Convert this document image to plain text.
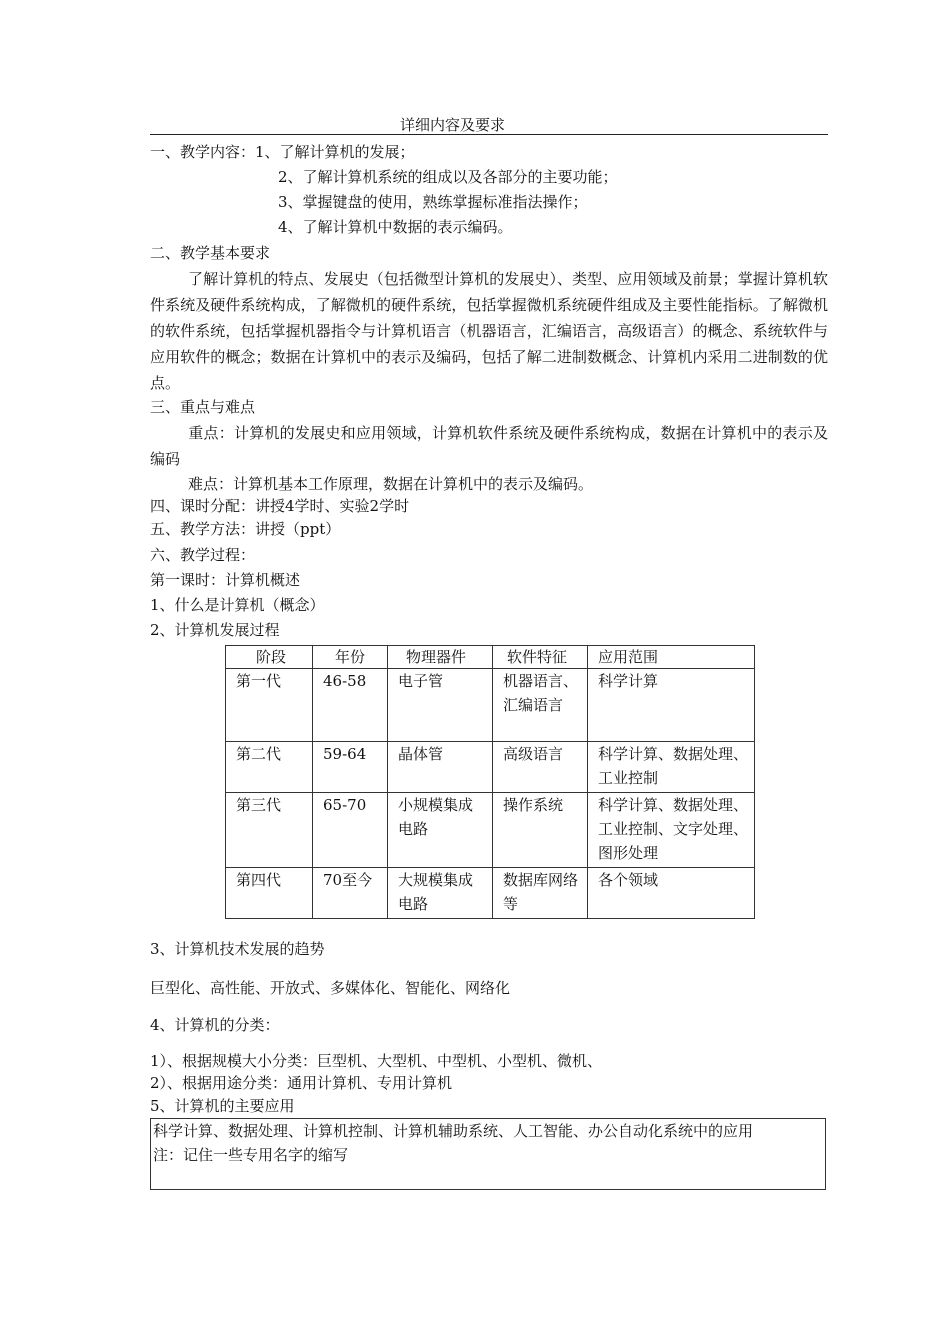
详细内容及要求
一、教学内容：1、了解计算机的发展；
2、了解计算机系统的组成以及各部分的主要功能；
3、掌握键盘的使用，熟练掌握标准指法操作；
4、了解计算机中数据的表示编码。
二、教学基本要求
了解计算机的特点、发展史（包括微型计算机的发展史）、类型、应用领域及前景；掌握计算机软件系统及硬件系统构成，了解微机的硬件系统，包括掌握微机系统硬件组成及主要性能指标。了解微机的软件系统，包括掌握机器指令与计算机语言（机器语言，汇编语言，高级语言）的概念、系统软件与应用软件的概念；数据在计算机中的表示及编码，包括了解二进制数概念、计算机内采用二进制数的优点。
三、重点与难点
重点：计算机的发展史和应用领域，计算机软件系统及硬件系统构成，数据在计算机中的表示及编码
难点：计算机基本工作原理，数据在计算机中的表示及编码。
四、课时分配：讲授4学时、实验2学时
五、教学方法：讲授（ppt）
六、教学过程：
第一课时：计算机概述
1、什么是计算机（概念）
2、计算机发展过程
阶段	年份	物理器件	软件特征	应用范围
第一代	46-58	电子管	机器语言、汇编语言	科学计算
第二代	59-64	晶体管	高级语言	科学计算、数据处理、工业控制
第三代	65-70	小规模集成电路	操作系统	科学计算、数据处理、工业控制、文字处理、图形处理
第四代	70至今	大规模集成电路	数据库网络等	各个领域
3、计算机技术发展的趋势
巨型化、高性能、开放式、多媒体化、智能化、网络化
4、计算机的分类：
1）、根据规模大小分类：巨型机、大型机、中型机、小型机、微机、
2）、根据用途分类：通用计算机、专用计算机
5、计算机的主要应用
科学计算、数据处理、计算机控制、计算机辅助系统、人工智能、办公自动化系统中的应用
注：记住一些专用名字的缩写
